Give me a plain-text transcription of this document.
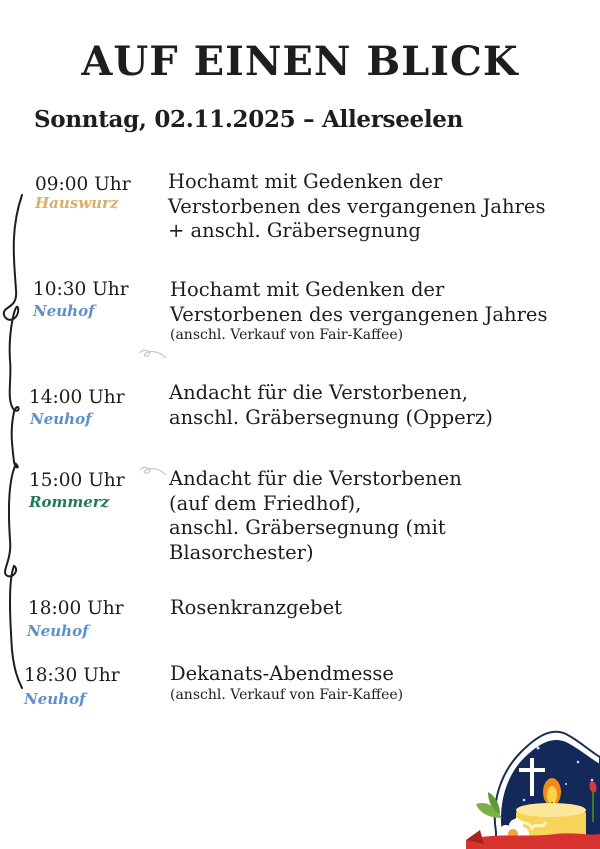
AUF EINEN BLICK
Sonntag, 02.11.2025 – Allerseelen
09:00 Uhr
Hauswurz
Hochamt mit Gedenken der
Verstorbenen des vergangenen Jahres
+ anschl. Gräbersegnung
10:30 Uhr
Neuhof
Hochamt mit Gedenken der
Verstorbenen des vergangenen Jahres
(anschl. Verkauf von Fair-Kaffee)
14:00 Uhr
Neuhof
Andacht für die Verstorbenen,
anschl. Gräbersegnung (Opperz)
15:00 Uhr
Rommerz
Andacht für die Verstorbenen
(auf dem Friedhof),
anschl. Gräbersegnung (mit
Blasorchester)
18:00 Uhr
Neuhof
Rosenkranzgebet
18:30 Uhr
Neuhof
Dekanats-Abendmesse
(anschl. Verkauf von Fair-Kaffee)
